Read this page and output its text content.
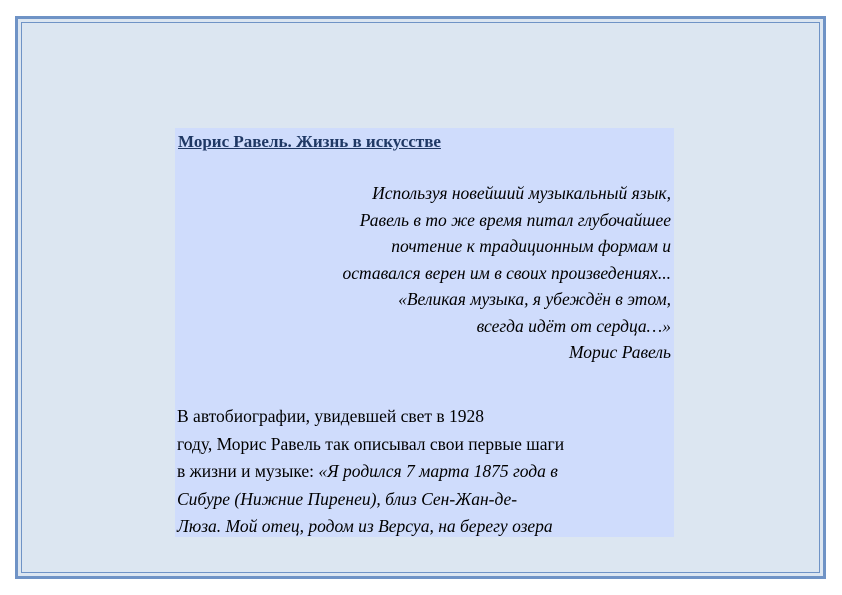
Морис Равель. Жизнь в искусстве
Используя новейший музыкальный язык,
Равель в то же время питал глубочайшее
почтение к традиционным формам и
оставался верен им в своих произведениях...
«Великая музыка, я убеждён в этом,
всегда идёт от сердца…»
Морис Равель
В автобиографии, увидевшей свет в 1928
году, Морис Равель так описывал свои первые шаги
в жизни и музыке: «Я родился 7 марта 1875 года в
Сибуре (Нижние Пиренеи), близ Сен-Жан-де-
Люза. Мой отец, родом из Версуа, на берегу озера
